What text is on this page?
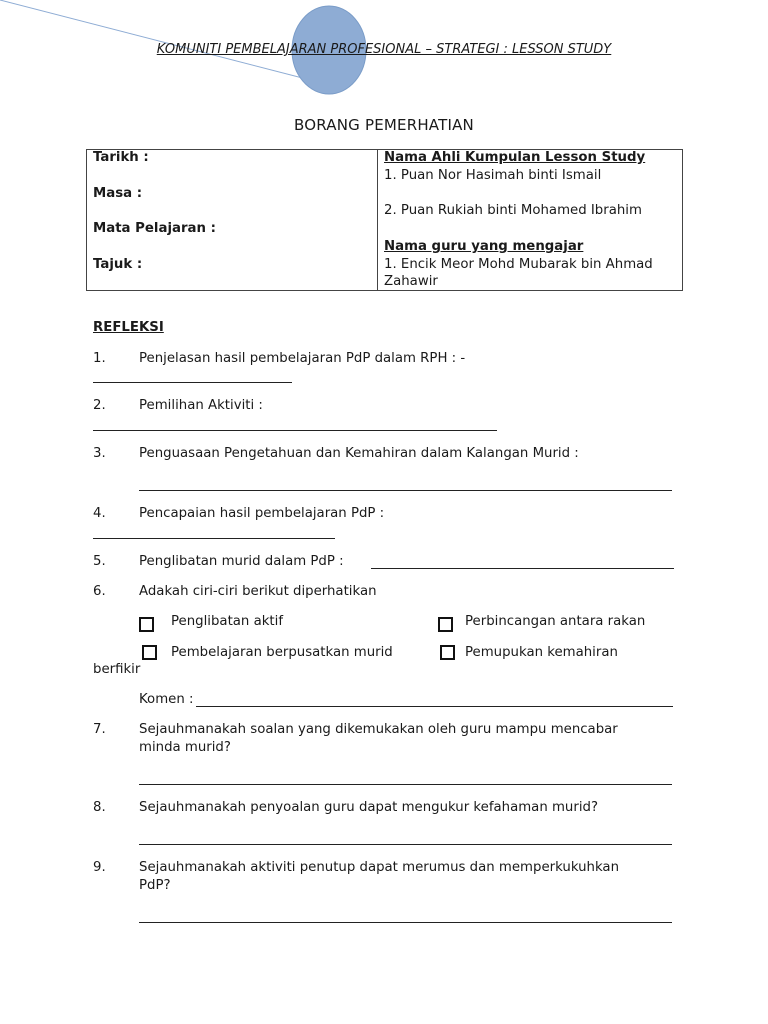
KOMUNITI PEMBELAJARAN PROFESIONAL – STRATEGI : LESSON STUDY
BORANG PEMERHATIAN
Tarikh :
Masa :
Mata Pelajaran :
Tajuk :
Nama Ahli Kumpulan Lesson Study
1. Puan Nor Hasimah binti Ismail
2. Puan Rukiah binti Mohamed Ibrahim
Nama guru yang mengajar
1. Encik Meor Mohd Mubarak bin Ahmad
Zahawir
REFLEKSI
1.	Penjelasan hasil pembelajaran PdP dalam RPH : -
2.	Pemilihan Aktiviti :
3.	Penguasaan Pengetahuan dan Kemahiran dalam Kalangan Murid :
4.	Pencapaian hasil pembelajaran PdP :
5.	Penglibatan murid dalam PdP :
6.	Adakah ciri-ciri berikut diperhatikan
Penglibatan aktif	Perbincangan antara rakan
Pembelajaran berpusatkan murid	Pemupukan kemahiran
berfikir
Komen :
7.	Sejauhmanakah soalan yang dikemukakan oleh guru mampu mencabar
minda murid?
8.	Sejauhmanakah penyoalan guru dapat mengukur kefahaman murid?
9.	Sejauhmanakah aktiviti penutup dapat merumus dan memperkukuhkan
PdP?
